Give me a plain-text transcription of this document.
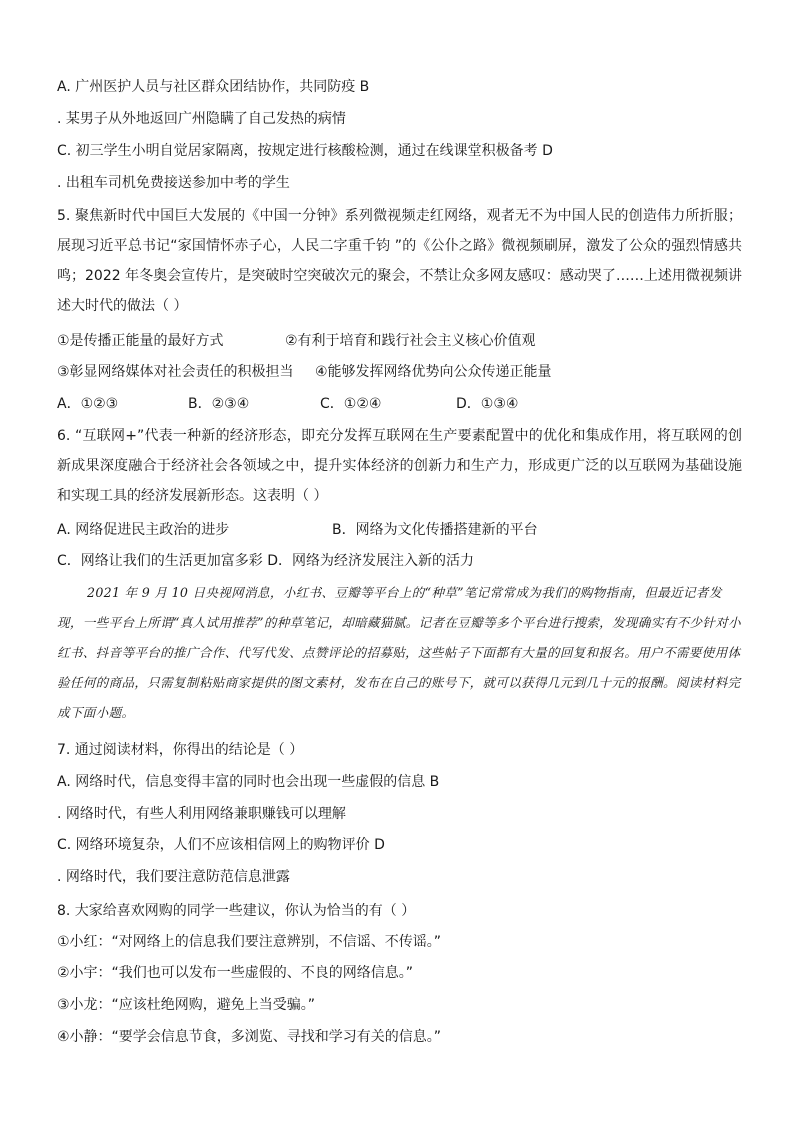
A. 广州医护人员与社区群众团结协作，共同防疫 B
. 某男子从外地返回广州隐瞒了自己发热的病情
C. 初三学生小明自觉居家隔离，按规定进行核酸检测，通过在线课堂积极备考 D
. 出租车司机免费接送参加中考的学生
5. 聚焦新时代中国巨大发展的《中国一分钟》系列微视频走红网络，观者无不为中国人民的创造伟力所折服；展现习近平总书记“家国情怀赤子心，人民二字重千钧 ”的《公仆之路》微视频刷屏，激发了公众的强烈情感共鸣；2022 年冬奥会宣传片，是突破时空突破次元的聚会，不禁让众多网友感叹：感动哭了……上述用微视频讲述大时代的做法（ ）
①是传播正能量的最好方式	②有利于培育和践行社会主义核心价值观
③彰显网络媒体对社会责任的积极担当 ④能够发挥网络优势向公众传递正能量
A．①②③	B．②③④	C．①②④	D．①③④
6. “互联网+”代表一种新的经济形态，即充分发挥互联网在生产要素配置中的优化和集成作用，将互联网的创新成果深度融合于经济社会各领域之中，提升实体经济的创新力和生产力，形成更广泛的以互联网为基础设施和实现工具的经济发展新形态。这表明（ ）
A. 网络促进民主政治的进步	B．网络为文化传播搭建新的平台
C．网络让我们的生活更加富多彩 D．网络为经济发展注入新的活力
2021 年 9 月 10 日央视网消息，小红书、豆瓣等平台上的“种草”笔记常常成为我们的购物指南，但最近记者发现，一些平台上所谓“真人试用推荐”的种草笔记，却暗藏猫腻。记者在豆瓣等多个平台进行搜索，发现确实有不少针对小红书、抖音等平台的推广合作、代写代发、点赞评论的招募贴，这些帖子下面都有大量的回复和报名。用户不需要使用体验任何的商品，只需复制粘贴商家提供的图文素材，发布在自己的账号下，就可以获得几元到几十元的报酬。阅读材料完成下面小题。
7. 通过阅读材料，你得出的结论是（ ）
A. 网络时代，信息变得丰富的同时也会出现一些虚假的信息 B
. 网络时代，有些人利用网络兼职赚钱可以理解
C. 网络环境复杂，人们不应该相信网上的购物评价 D
. 网络时代，我们要注意防范信息泄露
8. 大家给喜欢网购的同学一些建议，你认为恰当的有（ ）
①小红：“对网络上的信息我们要注意辨别，不信谣、不传谣。”
②小宇：“我们也可以发布一些虚假的、不良的网络信息。”
③小龙：“应该杜绝网购，避免上当受骗。”
④小静：“要学会信息节食，多浏览、寻找和学习有关的信息。”
